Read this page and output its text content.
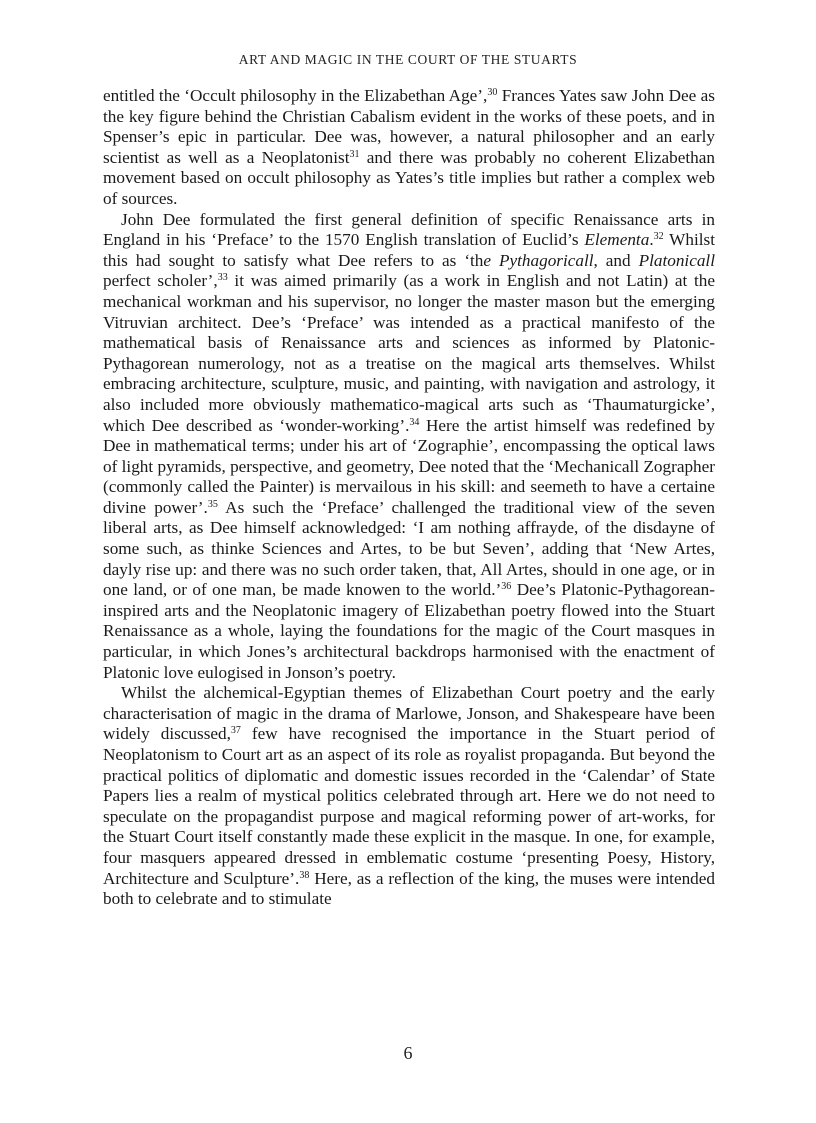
ART AND MAGIC IN THE COURT OF THE STUARTS

entitled the ‘Occult philosophy in the Elizabethan Age’,$^{30}$ Frances Yates saw John Dee as the key figure behind the Christian Cabalism evident in the works of these poets, and in Spenser’s epic in particular. Dee was, however, a natural philosopher and an early scientist as well as a Neoplatonist$^{31}$ and there was probably no coherent Elizabethan movement based on occult philosophy as Yates’s title implies but rather a complex web of sources.

John Dee formulated the first general definition of specific Renaissance arts in England in his ‘Preface’ to the 1570 English translation of Euclid’s Elementa.$^{32}$ Whilst this had sought to satisfy what Dee refers to as ‘the Pythagoricall, and Platonicall perfect scholer’,$^{33}$ it was aimed primarily (as a work in English and not Latin) at the mechanical workman and his supervisor, no longer the master mason but the emerging Vitruvian architect. Dee’s ‘Preface’ was intended as a practical manifesto of the mathematical basis of Renaissance arts and sciences as informed by Platonic-Pythagorean numerology, not as a treatise on the magical arts themselves. Whilst embracing architecture, sculpture, music, and painting, with navigation and astrology, it also included more obviously mathematico-magical arts such as ‘Thaumaturgicke’, which Dee described as ‘wonder-working’.$^{34}$ Here the artist himself was redefined by Dee in mathematical terms; under his art of ‘Zographie’, encompassing the optical laws of light pyramids, perspective, and geometry, Dee noted that the ‘Mechanicall Zographer (commonly called the Painter) is mervailous in his skill: and seemeth to have a certaine divine power’.$^{35}$ As such the ‘Preface’ challenged the traditional view of the seven liberal arts, as Dee himself acknowledged: ‘I am nothing affrayde, of the disdayne of some such, as thinke Sciences and Artes, to be but Seven’, adding that ‘New Artes, dayly rise up: and there was no such order taken, that, All Artes, should in one age, or in one land, or of one man, be made knowen to the world.’$^{36}$ Dee’s Platonic-Pythagorean-inspired arts and the Neoplatonic imagery of Elizabethan poetry flowed into the Stuart Renaissance as a whole, laying the foundations for the magic of the Court masques in particular, in which Jones’s architectural backdrops harmonised with the enactment of Platonic love eulogised in Jonson’s poetry.

Whilst the alchemical-Egyptian themes of Elizabethan Court poetry and the early characterisation of magic in the drama of Marlowe, Jonson, and Shakespeare have been widely discussed,$^{37}$ few have recognised the importance in the Stuart period of Neoplatonism to Court art as an aspect of its role as royalist propaganda. But beyond the practical politics of diplomatic and domestic issues recorded in the ‘Calendar’ of State Papers lies a realm of mystical politics celebrated through art. Here we do not need to speculate on the propagandist purpose and magical reforming power of art-works, for the Stuart Court itself constantly made these explicit in the masque. In one, for example, four masquers appeared dressed in emblematic costume ‘presenting Poesy, History, Architecture and Sculpture’.$^{38}$ Here, as a reflection of the king, the muses were intended both to celebrate and to stimulate

6
